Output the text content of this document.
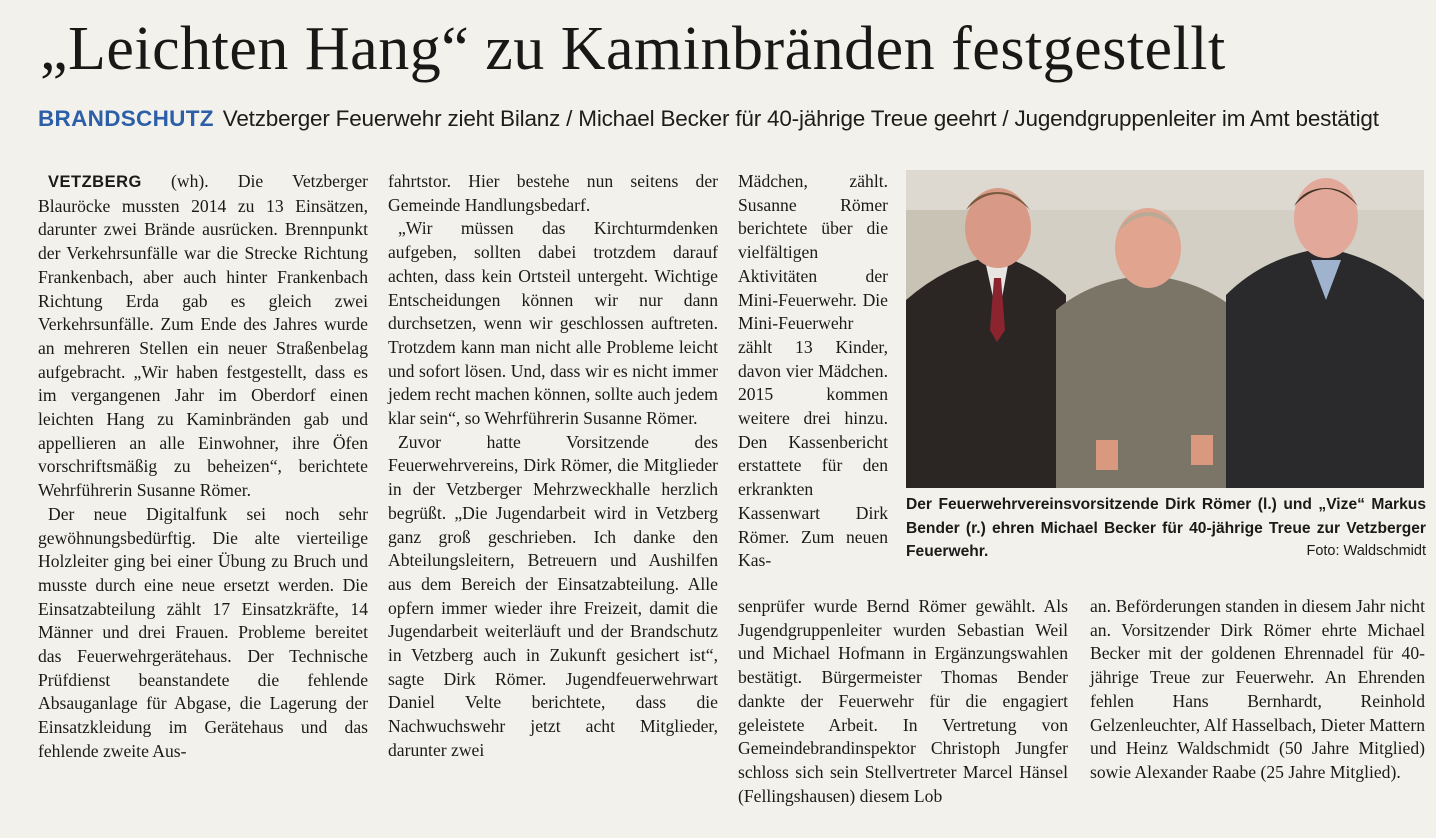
„Leichten Hang“ zu Kaminbränden festgestellt
BRANDSCHUTZ Vetzberger Feuerwehr zieht Bilanz / Michael Becker für 40-jährige Treue geehrt / Jugendgruppenleiter im Amt bestätigt

VETZBERG (wh). Die Vetzberger Blauröcke mussten 2014 zu 13 Einsätzen, darunter zwei Brände ausrücken. Brennpunkt der Verkehrsunfälle war die Strecke Richtung Frankenbach, aber auch hinter Frankenbach Richtung Erda gab es gleich zwei Verkehrsunfälle. Zum Ende des Jahres wurde an mehreren Stellen ein neuer Straßenbelag aufgebracht. „Wir haben festgestellt, dass es im vergangenen Jahr im Oberdorf einen leichten Hang zu Kaminbränden gab und appellieren an alle Einwohner, ihre Öfen vorschriftsmäßig zu beheizen“, berichtete Wehrführerin Susanne Römer.

Der neue Digitalfunk sei noch sehr gewöhnungsbedürftig. Die alte vierteilige Holzleiter ging bei einer Übung zu Bruch und musste durch eine neue ersetzt werden. Die Einsatzabteilung zählt 17 Einsatzkräfte, 14 Männer und drei Frauen. Probleme bereitet das Feuerwehrgerätehaus. Der Technische Prüfdienst beanstandete die fehlende Absauganlage für Abgase, die Lagerung der Einsatzkleidung im Gerätehaus und das fehlende zweite Aus-

fahrtstor. Hier bestehe nun seitens der Gemeinde Handlungsbedarf.

„Wir müssen das Kirchturmdenken aufgeben, sollten dabei trotzdem darauf achten, dass kein Ortsteil untergeht. Wichtige Entscheidungen können wir nur dann durchsetzen, wenn wir geschlossen auftreten. Trotzdem kann man nicht alle Probleme leicht und sofort lösen. Und, dass wir es nicht immer jedem recht machen können, sollte auch jedem klar sein“, so Wehrführerin Susanne Römer.

Zuvor hatte Vorsitzende des Feuerwehrvereins, Dirk Römer, die Mitglieder in der Vetzberger Mehrzweckhalle herzlich begrüßt. „Die Jugendarbeit wird in Vetzberg ganz groß geschrieben. Ich danke den Abteilungsleitern, Betreuern und Aushilfen aus dem Bereich der Einsatzabteilung. Alle opfern immer wieder ihre Freizeit, damit die Jugendarbeit weiterläuft und der Brandschutz in Vetzberg auch in Zukunft gesichert ist“, sagte Dirk Römer. Jugendfeuerwehrwart Daniel Velte berichtete, dass die Nachwuchswehr jetzt acht Mitglieder, darunter zwei

Mädchen, zählt. Susanne Römer berichtete über die vielfältigen Aktivitäten der Mini-Feuerwehr. Die Mini-Feuerwehr zählt 13 Kinder, davon vier Mädchen. 2015 kommen weitere drei hinzu. Den Kassenbericht erstattete für den erkrankten Kassenwart Dirk Römer. Zum neuen Kas-

Der Feuerwehrvereinsvorsitzende Dirk Römer (l.) und „Vize“ Markus Bender (r.) ehren Michael Becker für 40-jährige Treue zur Vetzberger Feuerwehr.	Foto: Waldschmidt

senprüfer wurde Bernd Römer gewählt. Als Jugendgruppenleiter wurden Sebastian Weil und Michael Hofmann in Ergänzungswahlen bestätigt. Bürgermeister Thomas Bender dankte der Feuerwehr für die engagiert geleistete Arbeit. In Vertretung von Gemeindebrandinspektor Christoph Jungfer schloss sich sein Stellvertreter Marcel Hänsel (Fellingshausen) diesem Lob

an. Beförderungen standen in diesem Jahr nicht an. Vorsitzender Dirk Römer ehrte Michael Becker mit der goldenen Ehrennadel für 40-jährige Treue zur Feuerwehr. An Ehrenden fehlen Hans Bernhardt, Reinhold Gelzenleuchter, Alf Hasselbach, Dieter Mattern und Heinz Waldschmidt (50 Jahre Mitglied) sowie Alexander Raabe (25 Jahre Mitglied).
